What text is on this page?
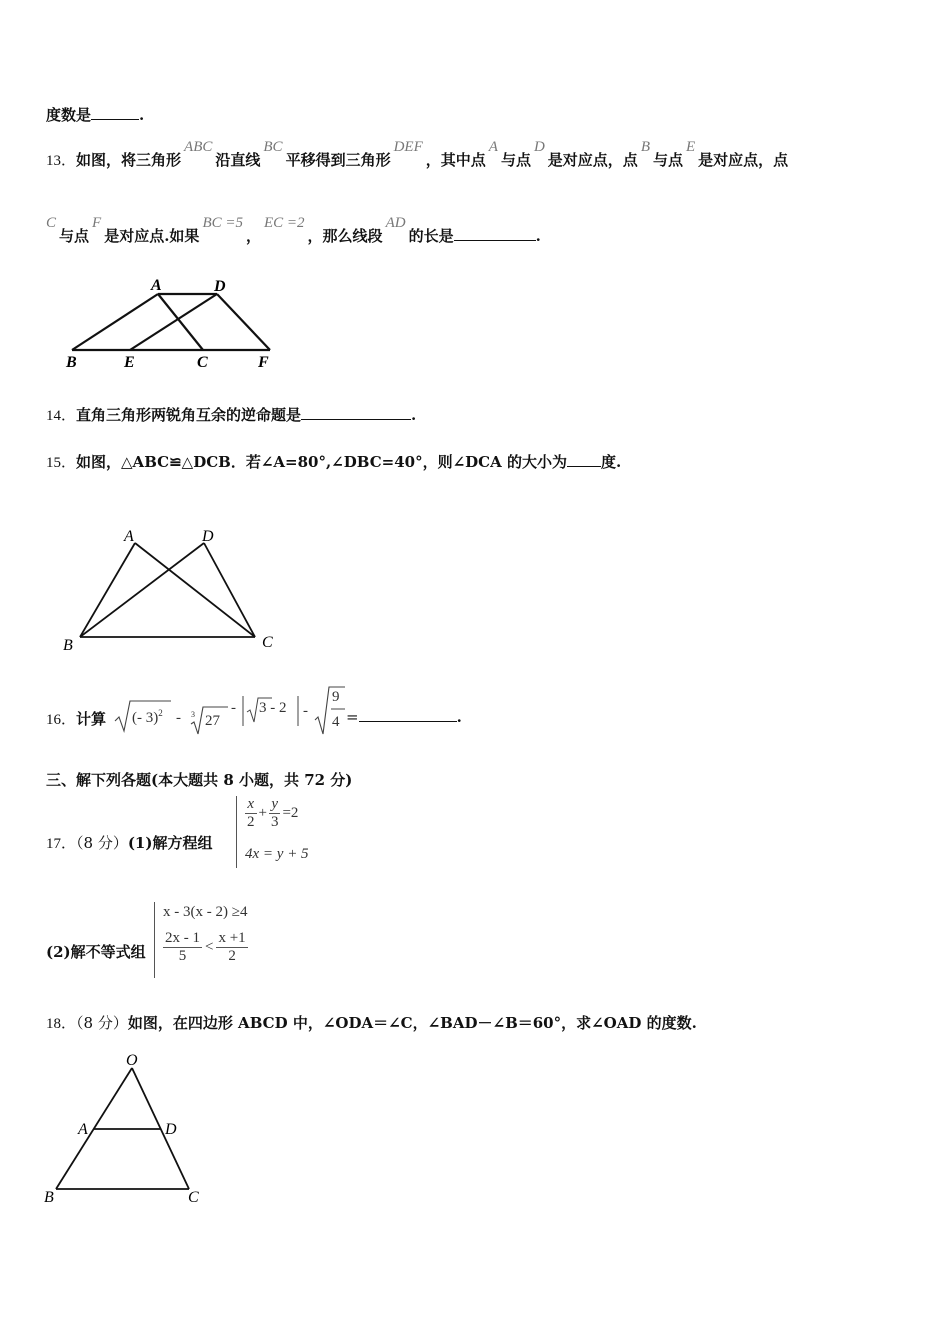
度数是	.
13．如图，将三角形ABC沿直线BC平移得到三角形DEF，其中点A与点D是对应点，点B与点E是对应点，点
C与点F是对应点.如果BC =5，EC =2，那么线段AD的长是	.
A	D
B	E	C	F
14．直角三角形两锐角互余的逆命题是	.
15．如图，△ABC≌△DCB．若∠A=80°,∠DBC=40°，则∠DCA 的大小为 度.
A	D
B	C
16．计算 (- 3)$^2$ - 3 27
- 3 - 2 -
9
4 =	.
三、解下列各题(本大题共 8 小题，共 72 分)
17．（8 分）(1)解方程组
$\frac{x}{2} + \frac{y}{3} =2$
4x = y + 5
(2)解不等式组
x - 3(x - 2) ≥4
$\frac{2x - 1}{5} < \frac{x +1}{2}$
18．（8 分）如图，在四边形 ABCD 中，∠ODA＝∠C，∠BAD－∠B＝60°，求∠OAD 的度数.
O
A	D
B	C
